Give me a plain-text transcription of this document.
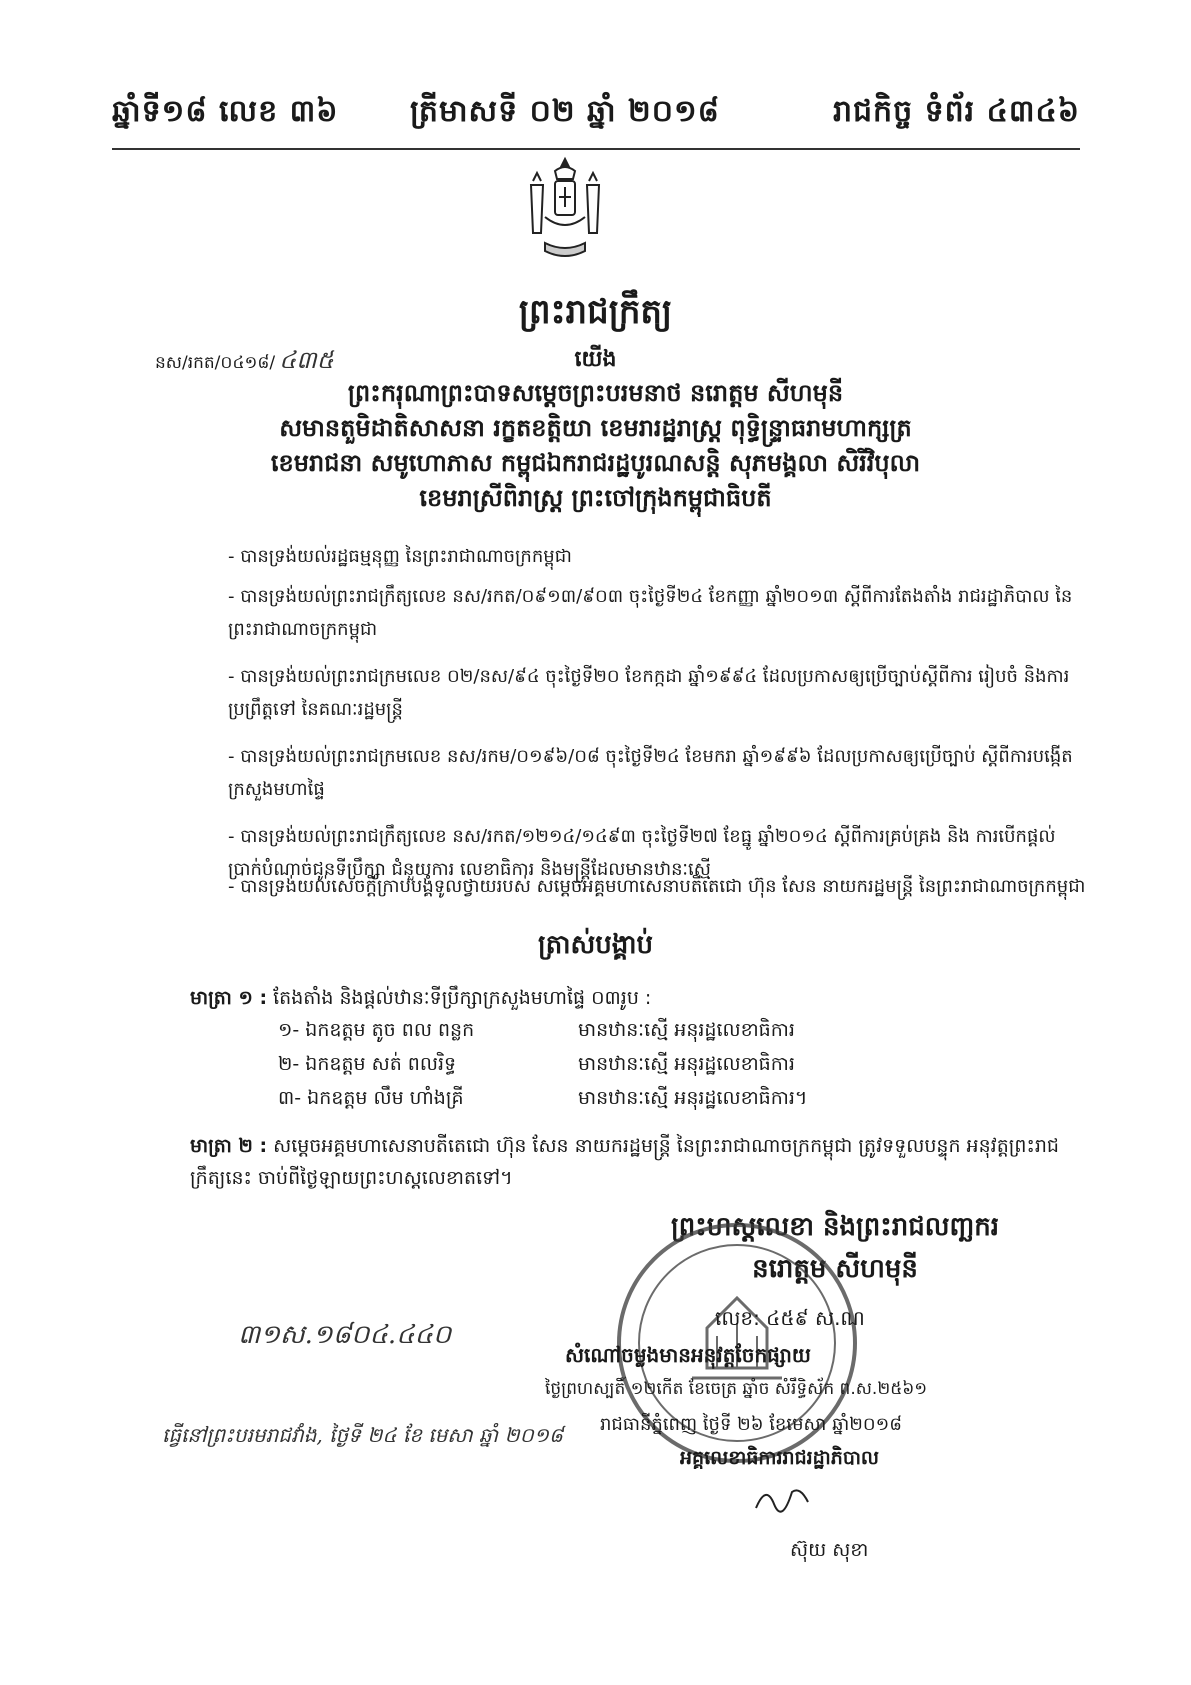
ឆ្នាំទី១៨ លេខ ៣៦ ត្រីមាសទី ០២ ឆ្នាំ ២០១៨	រាជកិច្ច ទំព័រ ៤៣៤៦
ព្រះរាជក្រឹត្យ
នស/រកត/០៤១៨/ ៤៣៥	យើង
ព្រះករុណាព្រះបាទសម្តេចព្រះបរមនាថ នរោត្តម សីហមុនី
សមានតួមិដាតិសាសនា រក្ខតខត្តិយា ខេមរារដ្ឋរាស្ត្រ ពុទ្ធិន្ទ្រាធរាមហាក្សត្រ
ខេមរាជនា សមូហោភាស កម្ពុជឯករាជរដ្ឋបូរណសន្តិ សុភមង្គលា សិរីវិបុលា
ខេមរាស្រីពិរាស្ត្រ ព្រះចៅក្រុងកម្ពុជាធិបតី
- បានទ្រង់យល់រដ្ឋធម្មនុញ្ញ នៃព្រះរាជាណាចក្រកម្ពុជា
- បានទ្រង់យល់ព្រះរាជក្រឹត្យលេខ នស/រកត/០៩១៣/៩០៣ ចុះថ្ងៃទី២៤ ខែកញ្ញា ឆ្នាំ២០១៣ ស្តីពីការតែងតាំង រាជរដ្ឋាភិបាល នៃព្រះរាជាណាចក្រកម្ពុជា
- បានទ្រង់យល់ព្រះរាជក្រមលេខ ០២/នស/៩៤ ចុះថ្ងៃទី២០ ខែកក្កដា ឆ្នាំ១៩៩៤ ដែលប្រកាសឲ្យប្រើច្បាប់ស្តីពីការ រៀបចំ និងការប្រព្រឹត្តទៅ នៃគណៈរដ្ឋមន្ត្រី
- បានទ្រង់យល់ព្រះរាជក្រមលេខ នស/រកម/០១៩៦/០៨ ចុះថ្ងៃទី២៤ ខែមករា ឆ្នាំ១៩៩៦ ដែលប្រកាសឲ្យប្រើច្បាប់ ស្តីពីការបង្កើតក្រសួងមហាផ្ទៃ
- បានទ្រង់យល់ព្រះរាជក្រឹត្យលេខ នស/រកត/១២១៤/១៤៩៣ ចុះថ្ងៃទី២៧ ខែធ្នូ ឆ្នាំ២០១៤ ស្តីពីការគ្រប់គ្រង និង ការបើកផ្តល់ប្រាក់បំណាច់ជូនទីប្រឹក្សា ជំនួយការ លេខាធិការ និងមន្ត្រីដែលមានឋានៈស្មើ
- បានទ្រង់យល់សេចក្តីក្រាបបង្គំទូលថ្វាយរបស់ សម្តេចអគ្គមហាសេនាបតីតេជោ ហ៊ុន សែន នាយករដ្ឋមន្ត្រី នៃព្រះរាជាណាចក្រកម្ពុជា
ត្រាស់បង្គាប់
មាត្រា ១ : តែងតាំង និងផ្តល់ឋានៈទីប្រឹក្សាក្រសួងមហាផ្ទៃ ០៣រូប :
១- ឯកឧត្តម តូច ពល ពន្លក	មានឋានៈស្មើ អនុរដ្ឋលេខាធិការ
២- ឯកឧត្តម សត់ ពលរិទ្ធ	មានឋានៈស្មើ អនុរដ្ឋលេខាធិការ
៣- ឯកឧត្តម លឹម ហាំងគ្រី	មានឋានៈស្មើ អនុរដ្ឋលេខាធិការ។
មាត្រា ២ : សម្តេចអគ្គមហាសេនាបតីតេជោ ហ៊ុន សែន នាយករដ្ឋមន្ត្រី នៃព្រះរាជាណាចក្រកម្ពុជា ត្រូវទទួលបន្ទុក អនុវត្តព្រះរាជក្រឹត្យនេះ ចាប់ពីថ្ងៃឡាយព្រះហស្តលេខាតទៅ។
ព្រះហស្តលេខា និងព្រះរាជលញ្ឆករ
នរោត្តម សីហមុនី
៣១ស.១៨០៤.៤៤០
លេខ: ៤៥៩ ស.ណ
សំណៅចម្លងមានអនុវត្តចែកផ្សាយ
ថ្ងៃព្រហស្បតិ៍ ១២កើត ខែចេត្រ ឆ្នាំច សំរឹទ្ធិស័ក ព.ស.២៥៦១
រាជធានីភ្នំពេញ ថ្ងៃទី ២៦ ខែមេសា ឆ្នាំ២០១៨
អគ្គលេខាធិការរាជរដ្ឋាភិបាល
ស៊ុយ សុខា
ធ្វើនៅព្រះបរមរាជវាំង, ថ្ងៃទី ២៤ ខែ មេសា ឆ្នាំ ២០១៨
